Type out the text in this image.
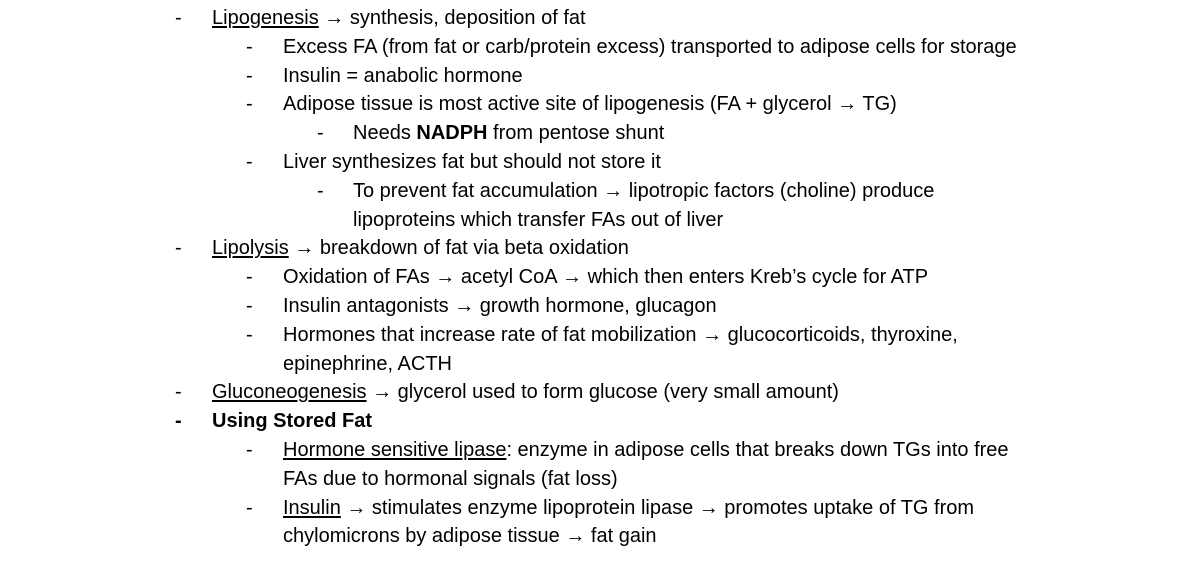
- Lipogenesis → synthesis, deposition of fat
- Excess FA (from fat or carb/protein excess) transported to adipose cells for storage
- Insulin = anabolic hormone
- Adipose tissue is most active site of lipogenesis (FA + glycerol → TG)
- Needs NADPH from pentose shunt
- Liver synthesizes fat but should not store it
- To prevent fat accumulation → lipotropic factors (choline) produce lipoproteins which transfer FAs out of liver
- Lipolysis → breakdown of fat via beta oxidation
- Oxidation of FAs → acetyl CoA → which then enters Kreb’s cycle for ATP
- Insulin antagonists → growth hormone, glucagon
- Hormones that increase rate of fat mobilization → glucocorticoids, thyroxine, epinephrine, ACTH
- Gluconeogenesis → glycerol used to form glucose (very small amount)
- Using Stored Fat
- Hormone sensitive lipase: enzyme in adipose cells that breaks down TGs into free FAs due to hormonal signals (fat loss)
- Insulin → stimulates enzyme lipoprotein lipase → promotes uptake of TG from chylomicrons by adipose tissue → fat gain
